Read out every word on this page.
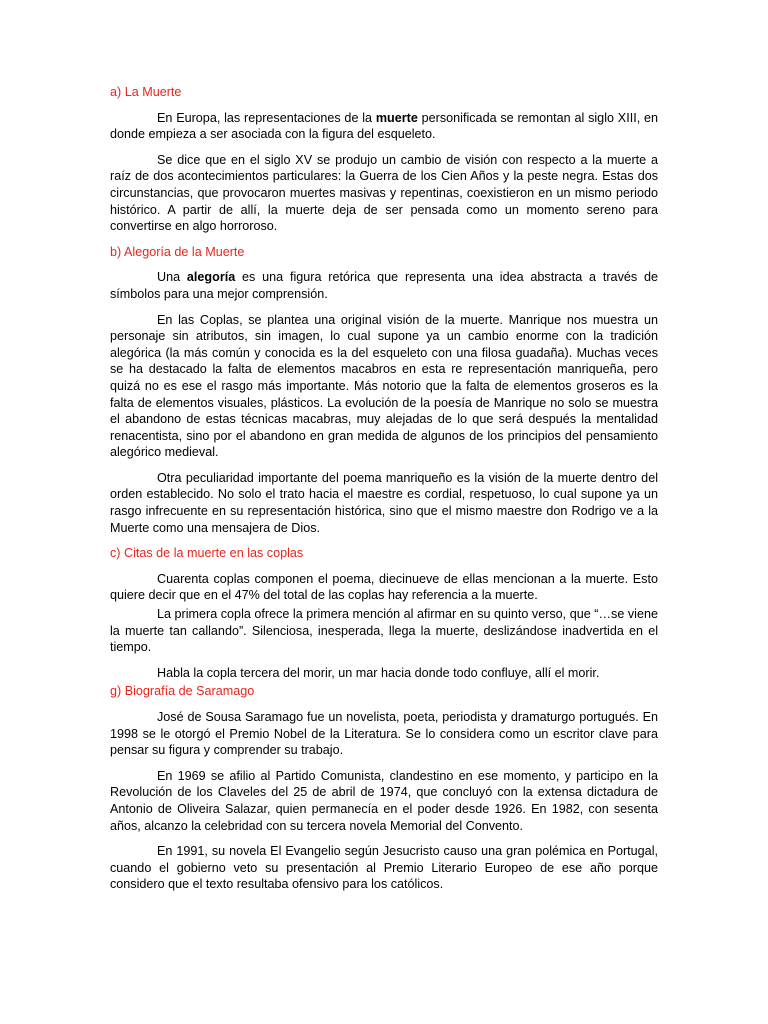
a) La Muerte

En Europa, las representaciones de la muerte personificada se remontan al siglo XIII, en donde empieza a ser asociada con la figura del esqueleto.

Se dice que en el siglo XV se produjo un cambio de visión con respecto a la muerte a raíz de dos acontecimientos particulares: la Guerra de los Cien Años y la peste negra. Estas dos circunstancias, que provocaron muertes masivas y repentinas, coexistieron en un mismo periodo histórico. A partir de allí, la muerte deja de ser pensada como un momento sereno para convertirse en algo horroroso.

b) Alegoría de la Muerte

Una alegoría es una figura retórica que representa una idea abstracta a través de símbolos para una mejor comprensión.

En las Coplas, se plantea una original visión de la muerte. Manrique nos muestra un personaje sin atributos, sin imagen, lo cual supone ya un cambio enorme con la tradición alegórica (la más común y conocida es la del esqueleto con una filosa guadaña). Muchas veces se ha destacado la falta de elementos macabros en esta re representación manriqueña, pero quizá no es ese el rasgo más importante. Más notorio que la falta de elementos groseros es la falta de elementos visuales, plásticos. La evolución de la poesía de Manrique no solo se muestra el abandono de estas técnicas macabras, muy alejadas de lo que será después la mentalidad renacentista, sino por el abandono en gran medida de algunos de los principios del pensamiento alegórico medieval.

Otra peculiaridad importante del poema manriqueño es la visión de la muerte dentro del orden establecido. No solo el trato hacia el maestre es cordial, respetuoso, lo cual supone ya un rasgo infrecuente en su representación histórica, sino que el mismo maestre don Rodrigo ve a la Muerte como una mensajera de Dios.

c) Citas de la muerte en las coplas

Cuarenta coplas componen el poema, diecinueve de ellas mencionan a la muerte. Esto quiere decir que en el 47% del total de las coplas hay referencia a la muerte.

La primera copla ofrece la primera mención al afirmar en su quinto verso, que “…se viene la muerte tan callando”. Silenciosa, inesperada, llega la muerte, deslizándose inadvertida en el tiempo.

Habla la copla tercera del morir, un mar hacia donde todo confluye, allí el morir.

g) Biografía de Saramago

José de Sousa Saramago fue un novelista, poeta, periodista y dramaturgo portugués. En 1998 se le otorgó el Premio Nobel de la Literatura. Se lo considera como un escritor clave para pensar su figura y comprender su trabajo.

En 1969 se afilio al Partido Comunista, clandestino en ese momento, y participo en la Revolución de los Claveles del 25 de abril de 1974, que concluyó con la extensa dictadura de Antonio de Oliveira Salazar, quien permanecía en el poder desde 1926. En 1982, con sesenta años, alcanzo la celebridad con su tercera novela Memorial del Convento.

En 1991, su novela El Evangelio según Jesucristo causo una gran polémica en Portugal, cuando el gobierno veto su presentación al Premio Literario Europeo de ese año porque considero que el texto resultaba ofensivo para los católicos.
